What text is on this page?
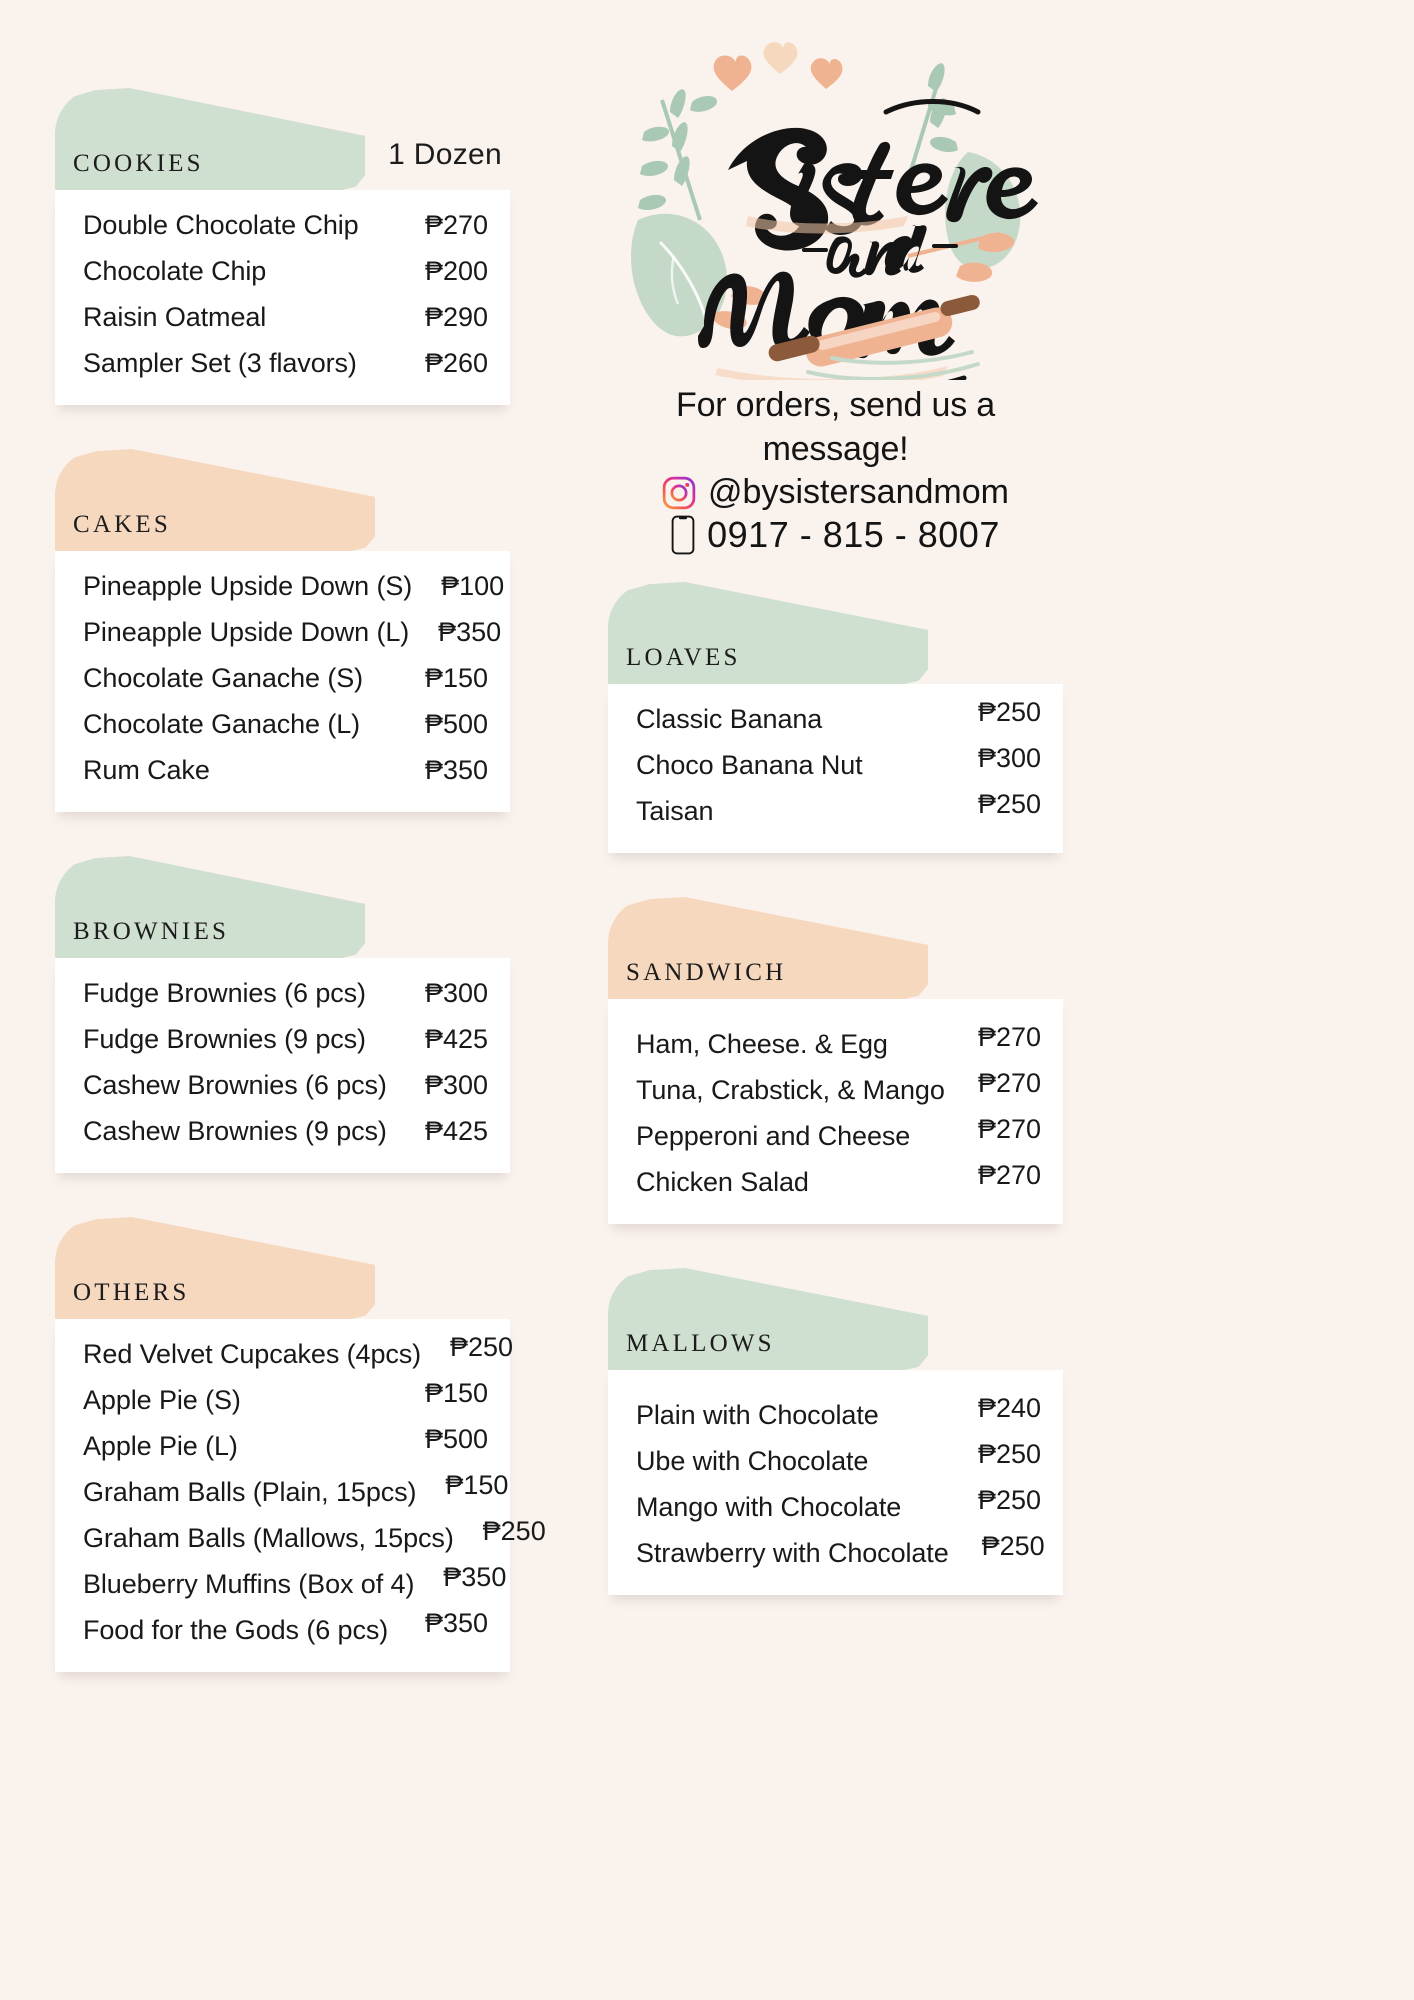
COOKIES	1 Dozen
Double Chocolate Chip	₱270
Chocolate Chip	₱200
Raisin Oatmeal	₱290
Sampler Set (3 flavors)	₱260
CAKES
Pineapple Upside Down (S)	₱100
Pineapple Upside Down (L)	₱350
Chocolate Ganache (S)	₱150
Chocolate Ganache (L)	₱500
Rum Cake	₱350
BROWNIES
Fudge Brownies (6 pcs)	₱300
Fudge Brownies (9 pcs)	₱425
Cashew Brownies (6 pcs)	₱300
Cashew Brownies (9 pcs)	₱425
OTHERS
Red Velvet Cupcakes (4pcs)	₱250
Apple Pie (S)	₱150
Apple Pie (L)	₱500
Graham Balls (Plain, 15pcs)	₱150
Graham Balls (Mallows, 15pcs)	₱250
Blueberry Muffins (Box of 4)	₱350
Food for the Gods (6 pcs)	₱350
For orders, send us a
message!
@bysistersandmom
0917 - 815 - 8007
LOAVES
Classic Banana	₱250
Choco Banana Nut	₱300
Taisan	₱250
SANDWICH
Ham, Cheese. & Egg	₱270
Tuna, Crabstick, & Mango	₱270
Pepperoni and Cheese	₱270
Chicken Salad	₱270
MALLOWS
Plain with Chocolate	₱240
Ube with Chocolate	₱250
Mango with Chocolate	₱250
Strawberry with Chocolate	₱250
